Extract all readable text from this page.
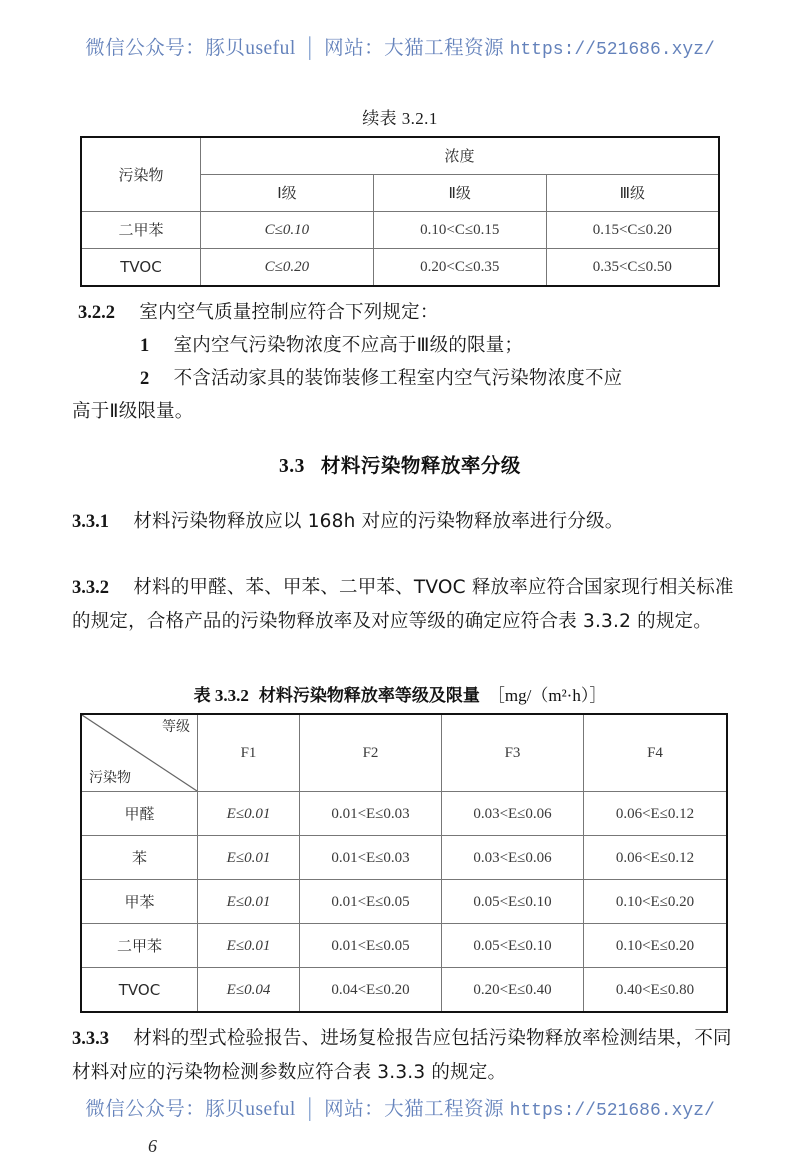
续表 3.2.1
污染物	浓度		
	Ⅰ级	Ⅱ级	Ⅲ级
二甲苯	C≤0.10	0.10<C≤0.15	0.15<C≤0.20
TVOC	C≤0.20	0.20<C≤0.35	0.35<C≤0.50
3.2.2 室内空气质量控制应符合下列规定：
1 室内空气污染物浓度不应高于Ⅲ级的限量；
2 不含活动家具的装饰装修工程室内空气污染物浓度不应
高于Ⅱ级限量。
3.3 材料污染物释放率分级
3.3.1 材料污染物释放应以 168h 对应的污染物释放率进行分级。
3.3.2 材料的甲醛、苯、甲苯、二甲苯、TVOC 释放率应符合国家现行相关标准的规定，合格产品的污染物释放率及对应等级的确定应符合表 3.3.2 的规定。
表 3.3.2 材料污染物释放率等级及限量 ［mg/（m²·h）］
等级
污染物	F1	F2	F3	F4
甲醛	E≤0.01	0.01<E≤0.03	0.03<E≤0.06	0.06<E≤0.12
苯	E≤0.01	0.01<E≤0.03	0.03<E≤0.06	0.06<E≤0.12
甲苯	E≤0.01	0.01<E≤0.05	0.05<E≤0.10	0.10<E≤0.20
二甲苯	E≤0.01	0.01<E≤0.05	0.05<E≤0.10	0.10<E≤0.20
TVOC	E≤0.04	0.04<E≤0.20	0.20<E≤0.40	0.40<E≤0.80
3.3.3 材料的型式检验报告、进场复检报告应包括污染物释放率检测结果，不同材料对应的污染物检测参数应符合表 3.3.3 的规定。
6
微信公众号：豚贝useful │ 网站：大猫工程资源 https://521686.xyz/
微信公众号：豚贝useful │ 网站：大猫工程资源 https://521686.xyz/
